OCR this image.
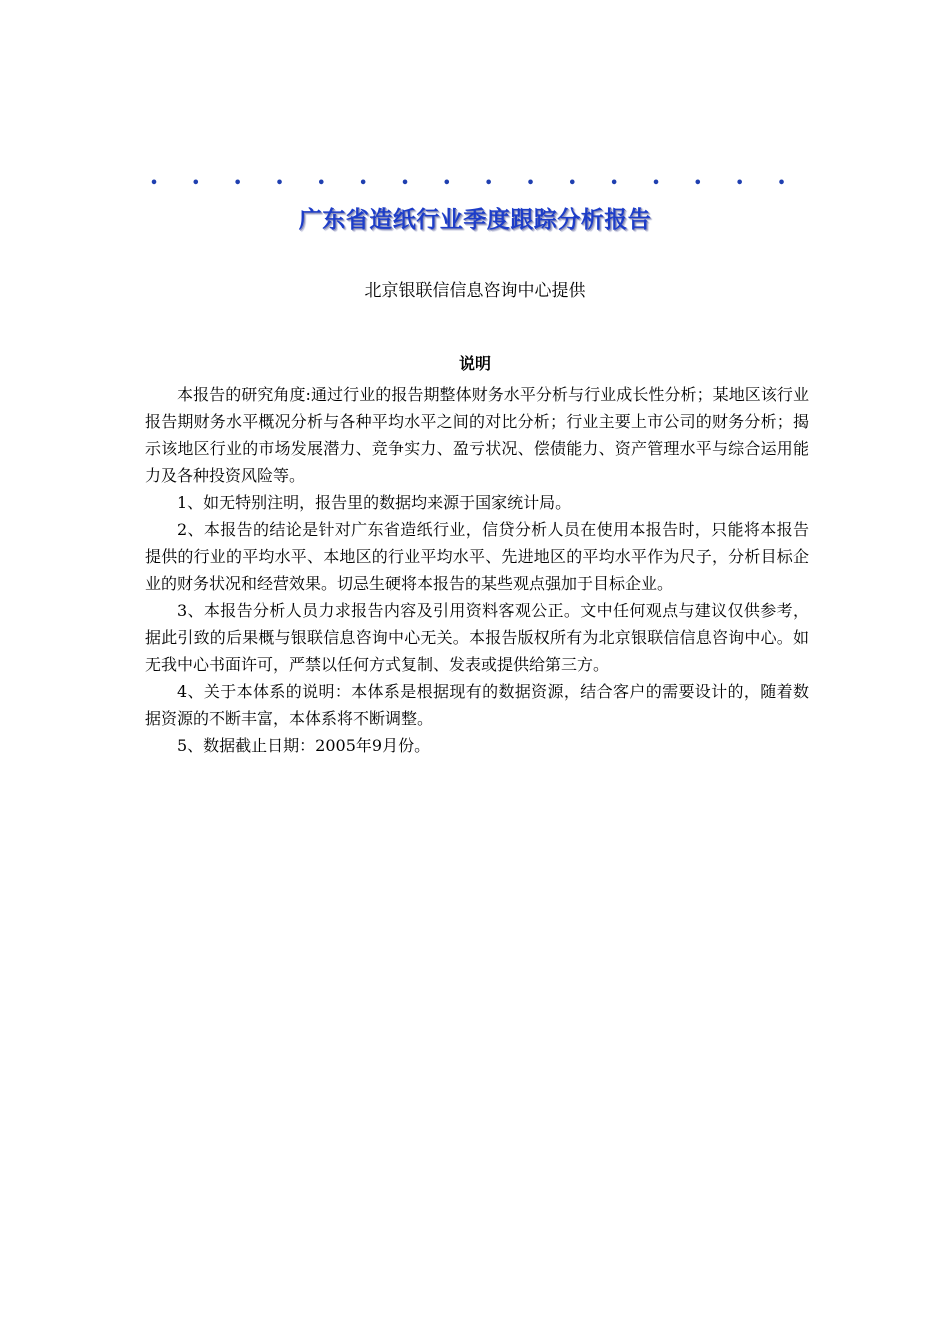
• • • • • • • • • • • • • • • •
广东省造纸行业季度跟踪分析报告
北京银联信信息咨询中心提供
说明

本报告的研究角度:通过行业的报告期整体财务水平分析与行业成长性分析；某地区该行业报告期财务水平概况分析与各种平均水平之间的对比分析；行业主要上市公司的财务分析；揭示该地区行业的市场发展潜力、竞争实力、盈亏状况、偿债能力、资产管理水平与综合运用能力及各种投资风险等。

1、如无特别注明，报告里的数据均来源于国家统计局。

2、本报告的结论是针对广东省造纸行业，信贷分析人员在使用本报告时，只能将本报告提供的行业的平均水平、本地区的行业平均水平、先进地区的平均水平作为尺子，分析目标企业的财务状况和经营效果。切忌生硬将本报告的某些观点强加于目标企业。

3、本报告分析人员力求报告内容及引用资料客观公正。文中任何观点与建议仅供参考，据此引致的后果概与银联信息咨询中心无关。本报告版权所有为北京银联信信息咨询中心。如无我中心书面许可，严禁以任何方式复制、发表或提供给第三方。

4、关于本体系的说明：本体系是根据现有的数据资源，结合客户的需要设计的，随着数据资源的不断丰富，本体系将不断调整。

5、数据截止日期：2005年9月份。
